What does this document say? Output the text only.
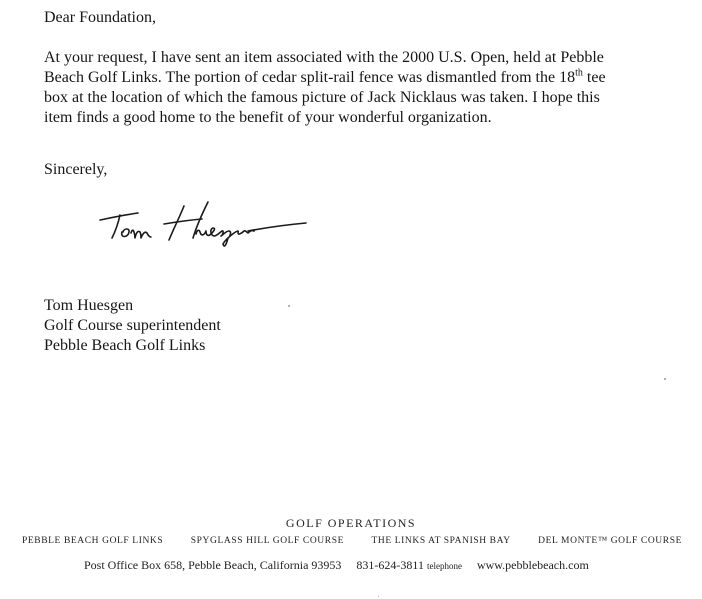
Dear Foundation,
At your request, I have sent an item associated with the 2000 U.S. Open, held at Pebble
Beach Golf Links. The portion of cedar split-rail fence was dismantled from the 18th tee
box at the location of which the famous picture of Jack Nicklaus was taken. I hope this
item finds a good home to the benefit of your wonderful organization.
Sincerely,
Tom Huesgen
Golf Course superintendent
Pebble Beach Golf Links
GOLF OPERATIONS
PEBBLE BEACH GOLF LINKS	SPYGLASS HILL GOLF COURSE	THE LINKS AT SPANISH BAY	DEL MONTE™ GOLF COURSE
Post Office Box 658, Pebble Beach, California 93953 831-624-3811 telephone www.pebblebeach.com
